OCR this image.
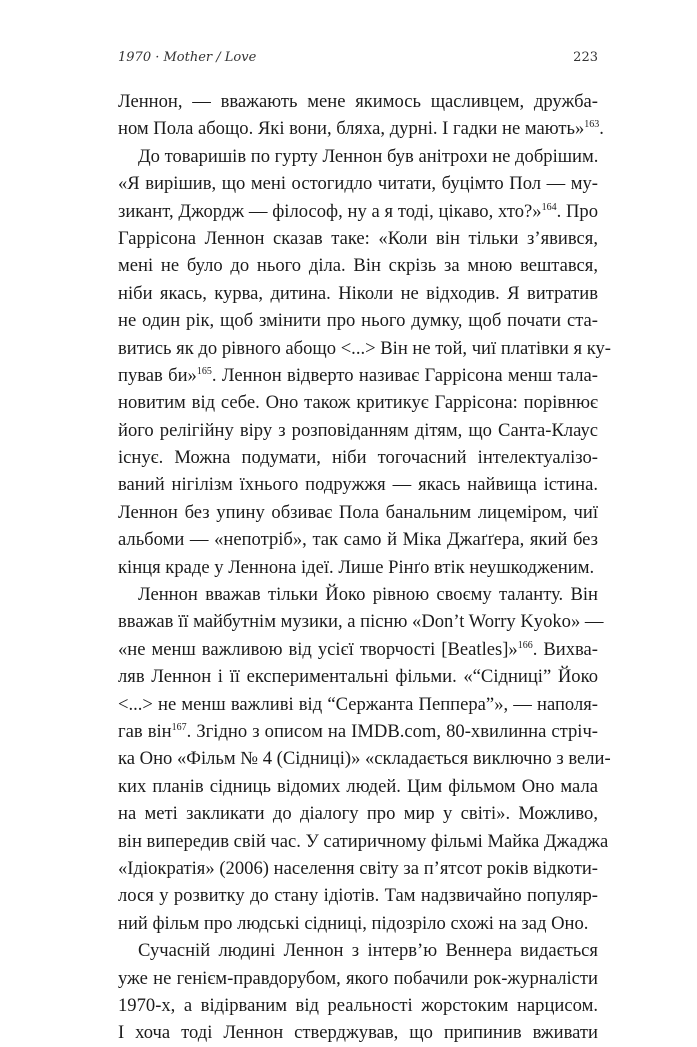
1970 · Mother / Love	223

Леннон, — вважають мене якимось щасливцем, дружба-
ном Пола абощо. Які вони, бляха, дурні. І гадки не мають»$^{163}$.

До товаришів по гурту Леннон був анітрохи не добрішим.
«Я вирішив, що мені остогидло читати, буцімто Пол — му-
зикант, Джордж — філософ, ну а я тоді, цікаво, хто?»$^{164}$. Про
Гаррісона Леннон сказав таке: «Коли він тільки з’явився,
мені не було до нього діла. Він скрізь за мною вештався,
ніби якась, курва, дитина. Ніколи не відходив. Я витратив
не один рік, щоб змінити про нього думку, щоб почати ста-
витись як до рівного абощо <...> Він не той, чиї платівки я ку-
пував би»$^{165}$. Леннон відверто називає Гаррісона менш тала-
новитим від себе. Оно також критикує Гаррісона: порівнює
його релігійну віру з розповіданням дітям, що Санта-Клаус
існує. Можна подумати, ніби тогочасний інтелектуалізо-
ваний нігілізм їхнього подружжя — якась найвища істина.
Леннон без упину обзиває Пола банальним лицеміром, чиї
альбоми — «непотріб», так само й Міка Джаґґера, який без
кінця краде у Леннона ідеї. Лише Рінґо втік неушкодженим.

Леннон вважав тільки Йоко рівною своєму таланту. Він
вважав її майбутнім музики, а пісню «Don’t Worry Kyoko» —
«не менш важливою від усієї творчості [Beatles]»$^{166}$. Вихва-
ляв Леннон і її експериментальні фільми. «“Сідниці” Йоко
<...> не менш важливі від “Сержанта Пеппера”», — наполя-
гав він$^{167}$. Згідно з описом на IMDB.com, 80-хвилинна стріч-
ка Оно «Фільм № 4 (Сідниці)» «складається виключно з вели-
ких планів сідниць відомих людей. Цим фільмом Оно мала
на меті закликати до діалогу про мир у світі». Можливо,
він випередив свій час. У сатиричному фільмі Майка Джаджа
«Ідіократія» (2006) населення світу за п’ятсот років відкоти-
лося у розвитку до стану ідіотів. Там надзвичайно популяр-
ний фільм про людські сідниці, підозріло схожі на зад Оно.

Сучасній людині Леннон з інтерв’ю Веннера видається
уже не генієм-правдорубом, якого побачили рок-журналісти
1970-х, а відірваним від реальності жорстоким нарцисом.
І хоча тоді Леннон стверджував, що припинив вживати
